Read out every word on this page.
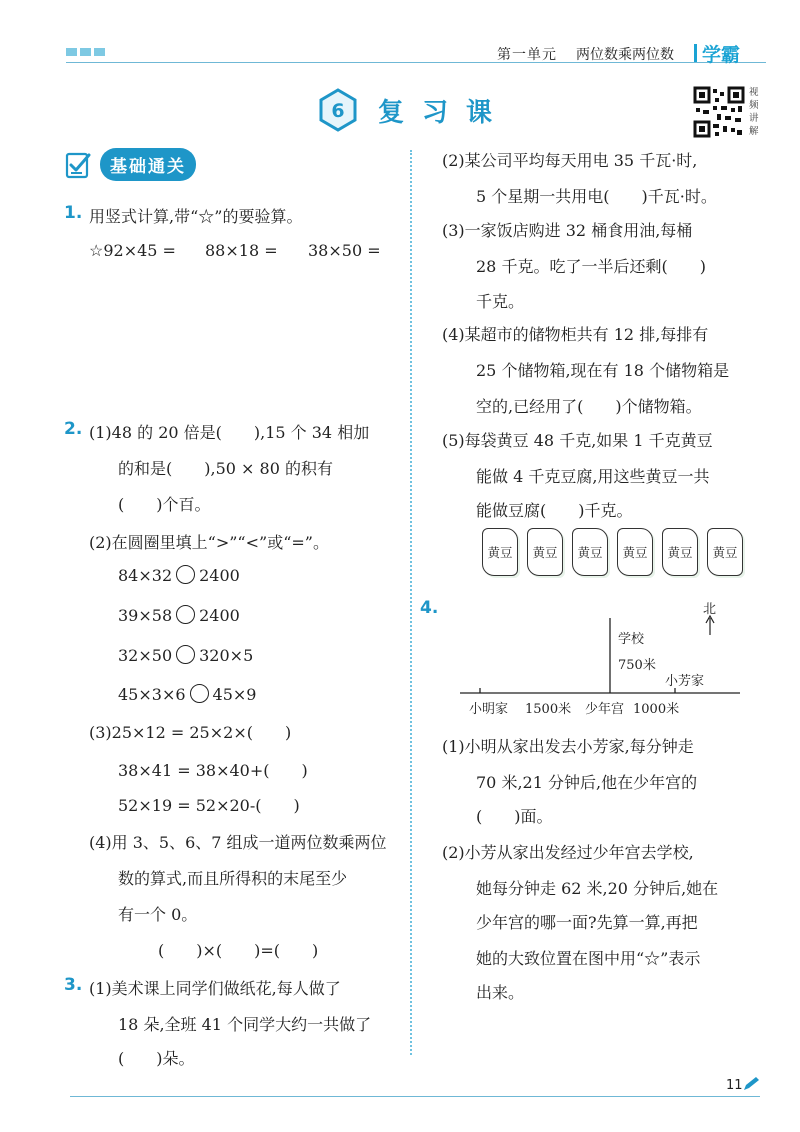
第一单元 两位数乘两位数 学霸
6 复习课
视
频
讲
解
基础通关
1. 用竖式计算,带“☆”的要验算。
☆92×45 = 88×18 = 38×50 =
2. (1)48 的 20 倍是(　　),15 个 34 相加
的和是(　　),50 × 80 的积有
(　　)个百。
(2)在圆圈里填上“>”“<”或“=”。
84×32 2400
39×58 2400
32×50 320×5
45×3×6 45×9
(3)25×12 = 25×2×(　　)
38×41 = 38×40+(　　)
52×19 = 52×20-(　　)
(4)用 3、5、6、7 组成一道两位数乘两位
数的算式,而且所得积的末尾至少
有一个 0。
(　　)×(　　)=(　　)
3. (1)美术课上同学们做纸花,每人做了
18 朵,全班 41 个同学大约一共做了
(　　)朵。
(2)某公司平均每天用电 35 千瓦·时,
5 个星期一共用电(　　)千瓦·时。
(3)一家饭店购进 32 桶食用油,每桶
28 千克。吃了一半后还剩(　　)
千克。
(4)某超市的储物柜共有 12 排,每排有
25 个储物箱,现在有 18 个储物箱是
空的,已经用了(　　)个储物箱。
(5)每袋黄豆 48 千克,如果 1 千克黄豆
能做 4 千克豆腐,用这些黄豆一共
能做豆腐(　　)千克。
黄豆 黄豆 黄豆 黄豆 黄豆 黄豆
4.	北
学校
750米
小芳家
小明家 1500米 少年宫 1000米
(1)小明从家出发去小芳家,每分钟走
70 米,21 分钟后,他在少年宫的
(　　)面。
(2)小芳从家出发经过少年宫去学校,
她每分钟走 62 米,20 分钟后,她在
少年宫的哪一面?先算一算,再把
她的大致位置在图中用“☆”表示
出来。
11
